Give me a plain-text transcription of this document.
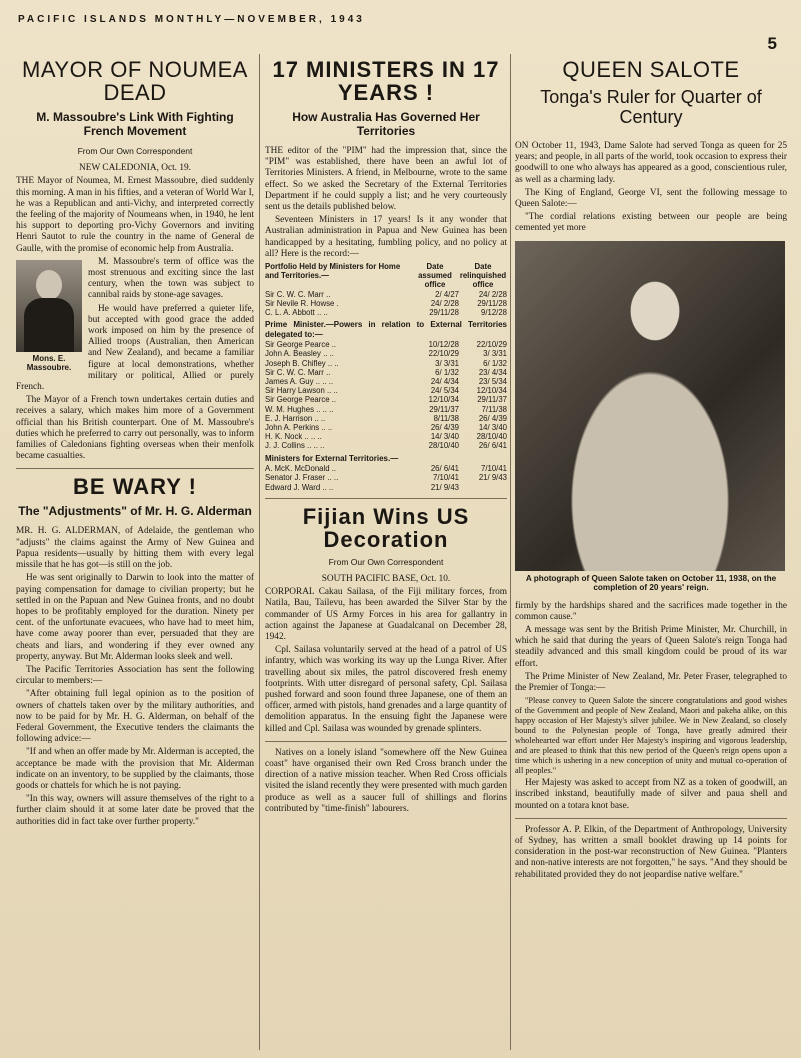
PACIFIC ISLANDS MONTHLY—NOVEMBER, 1943
5
MAYOR OF NOUMEA DEAD
M. Massoubre's Link With Fighting French Movement
From Our Own Correspondent

NEW CALEDONIA, Oct. 19.

THE Mayor of Noumea, M. Ernest Massoubre, died suddenly this morning. A man in his fifties, and a veteran of World War I, he was a Republican and anti-Vichy, and interpreted correctly the feeling of the majority of Noumeans when, in 1940, he lent his support to deporting pro-Vichy Governors and inviting Henri Sautot to rule the country in the name of General de Gaulle, with the promise of economic help from Australia.

Mons. E. Massoubre.

M. Massoubre's term of office was the most strenuous and exciting since the last century, when the town was subject to cannibal raids by stone-age savages.

He would have preferred a quieter life, but accepted with good grace the added work imposed on him by the presence of Allied troops (Australian, then American and New Zealand), and became a familiar figure at local demonstrations, whether military or political, Allied or purely French.

The Mayor of a French town undertakes certain duties and receives a salary, which makes him more of a Government official than his British counterpart. One of M. Massoubre's duties which he preferred to carry out personally, was to inform families of Caledonians fighting overseas when their menfolk became casualties.

BE WARY !
The "Adjustments" of Mr. H. G. Alderman

MR. H. G. ALDERMAN, of Adelaide, the gentleman who "adjusts" the claims against the Army of New Guinea and Papua residents—usually by hitting them with every legal missile that he has got—is still on the job.

He was sent originally to Darwin to look into the matter of paying compensation for damage to civilian property; but he settled in on the Papuan and New Guinea fronts, and no doubt hopes to be profitably employed for the duration. Ninety per cent. of the unfortunate evacuees, who have had to meet him, have come away poorer than ever, persuaded that they are cheats and liars, and wondering if they ever owned any property, anyway. But Mr. Alderman looks sleek and well.

The Pacific Territories Association has sent the following circular to members:—

"After obtaining full legal opinion as to the position of owners of chattels taken over by the military authorities, and now to be paid for by Mr. H. G. Alderman, on behalf of the Federal Government, the Executive tenders the claimants the following advice:—

"If and when an offer made by Mr. Alderman is accepted, the acceptance be made with the provision that Mr. Alderman indicate on an inventory, to be supplied by the claimants, those goods or chattels for which he is not paying.

"In this way, owners will assure themselves of the right to a further claim should it at some later date be proved that the authorities did in fact take over further property."

17 MINISTERS IN 17 YEARS !
How Australia Has Governed Her Territories

THE editor of the "PIM" had the impression that, since the "PIM" was established, there have been an awful lot of Territories Ministers. A friend, in Melbourne, wrote to the same effect. So we asked the Secretary of the External Territories Department if he could supply a list; and he very courteously sent us the details published below.

Seventeen Ministers in 17 years! Is it any wonder that Australian administration in Papua and New Guinea has been handicapped by a hesitating, fumbling policy, and no policy at all? Here is the record:—

Portfolio Held by Ministers for Home and Territories.—	Date assumed office	Date relinquished office
Sir C. W. C. Marr ..	2/ 4/27	24/ 2/28
Sir Nevile R. Howse .	24/ 2/28	29/11/28
C. L. A. Abbott .. ..	29/11/28	9/12/28
Prime Minister.—Powers in relation to External Territories delegated to:—
Sir George Pearce ..	10/12/28	22/10/29
John A. Beasley .. ..	22/10/29	3/ 3/31
Joseph B. Chifley .. ..	3/ 3/31	6/ 1/32
Sir C. W. C. Marr ..	6/ 1/32	23/ 4/34
James A. Guy .. .. ..	24/ 4/34	23/ 5/34
Sir Harry Lawson .. ..	24/ 5/34	12/10/34
Sir George Pearce ..	12/10/34	29/11/37
W. M. Hughes .. .. ..	29/11/37	7/11/38
E. J. Harrison .. ..	8/11/38	26/ 4/39
John A. Perkins .. ..	26/ 4/39	14/ 3/40
H. K. Nock .. .. ..	14/ 3/40	28/10/40
J. J. Collins .. .. ..	28/10/40	26/ 6/41
Ministers for External Territories.—
A. McK. McDonald ..	26/ 6/41	7/10/41
Senator J. Fraser .. ..	7/10/41	21/ 9/43
Edward J. Ward .. ..	21/ 9/43	
Fijian Wins US Decoration
From Our Own Correspondent

SOUTH PACIFIC BASE, Oct. 10.

CORPORAL Cakau Sailasa, of the Fiji military forces, from Natila, Bau, Tailevu, has been awarded the Silver Star by the commander of US Army Forces in his area for gallantry in action against the Japanese at Guadalcanal on December 28, 1942.

Cpl. Sailasa voluntarily served at the head of a patrol of US infantry, which was working its way up the Lunga River. After travelling about six miles, the patrol discovered fresh enemy footprints. With utter disregard of personal safety, Cpl. Sailasa pushed forward and soon found three Japanese, one of them an officer, armed with pistols, hand grenades and a large quantity of demolition apparatus. In the ensuing fight the Japanese were killed and Cpl. Sailasa was wounded by grenade splinters.

Natives on a lonely island "somewhere off the New Guinea coast" have organised their own Red Cross branch under the direction of a native mission teacher. When Red Cross officials visited the island recently they were presented with much garden produce as well as a saucer full of shillings and florins contributed by "time-finish" labourers.

QUEEN SALOTE
Tonga's Ruler for Quarter of Century

ON October 11, 1943, Dame Salote had served Tonga as queen for 25 years; and people, in all parts of the world, took occasion to express their goodwill to one who always has appeared as a good, conscientious ruler, as well as a charming lady.

The King of England, George VI, sent the following message to Queen Salote:—

"The cordial relations existing between our people are being cemented yet more

A photograph of Queen Salote taken on October 11, 1938, on the completion of 20 years' reign.

firmly by the hardships shared and the sacrifices made together in the common cause."

A message was sent by the British Prime Minister, Mr. Churchill, in which he said that during the years of Queen Salote's reign Tonga had steadily advanced and this small kingdom could be proud of its war effort.

The Prime Minister of New Zealand, Mr. Peter Fraser, telegraphed to the Premier of Tonga:—

"Please convey to Queen Salote the sincere congratulations and good wishes of the Government and people of New Zealand, Maori and pakeha alike, on this happy occasion of Her Majesty's silver jubilee. We in New Zealand, so closely bound to the Polynesian people of Tonga, have greatly admired their wholehearted war effort under Her Majesty's inspiring and vigorous leadership, and are pleased to think that this new period of the Queen's reign opens upon a time which is ushering in a new conception of unity and mutual co-operation of all peoples."

Her Majesty was asked to accept from NZ as a token of goodwill, an inscribed inkstand, beautifully made of silver and paua shell and mounted on a totara knot base.

Professor A. P. Elkin, of the Department of Anthropology, University of Sydney, has written a small booklet drawing up 14 points for consideration in the post-war reconstruction of New Guinea. "Planters and non-native interests are not forgotten," he says. "And they should be rehabilitated provided they do not jeopardise native welfare."
